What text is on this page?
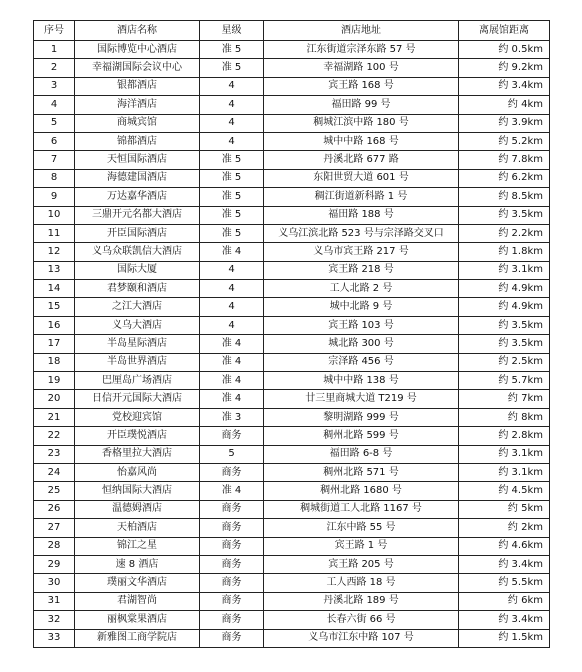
序号	酒店名称	星级	酒店地址	离展馆距离
1	国际博览中心酒店	准 5	江东街道宗泽东路 57 号	约 0.5km
2	幸福湖国际会议中心	准 5	幸福湖路 100 号	约 9.2km
3	银都酒店	4	宾王路 168 号	约 3.4km
4	海洋酒店	4	福田路 99 号	约 4km
5	商城宾馆	4	稠城江滨中路 180 号	约 3.9km
6	锦都酒店	4	城中中路 168 号	约 5.2km
7	天恒国际酒店	准 5	丹溪北路 677 路	约 7.8km
8	海德建国酒店	准 5	东阳世贸大道 601 号	约 6.2km
9	万达嘉华酒店	准 5	稠江街道新科路 1 号	约 8.5km
10	三鼎开元名都大酒店	准 5	福田路 188 号	约 3.5km
11	开臣国际酒店	准 5	义乌江滨北路 523 号与宗泽路交叉口	约 2.2km
12	义乌众联凯信大酒店	准 4	义乌市宾王路 217 号	约 1.8km
13	国际大厦	4	宾王路 218 号	约 3.1km
14	君梦颐和酒店	4	工人北路 2 号	约 4.9km
15	之江大酒店	4	城中北路 9 号	约 4.9km
16	义乌大酒店	4	宾王路 103 号	约 3.5km
17	半岛星际酒店	准 4	城北路 300 号	约 3.5km
18	半岛世界酒店	准 4	宗泽路 456 号	约 2.5km
19	巴厘岛广场酒店	准 4	城中中路 138 号	约 5.7km
20	日信开元国际大酒店	准 4	廿三里商城大道 T219 号	约 7km
21	党校迎宾馆	准 3	黎明湖路 999 号	约 8km
22	开臣璞悦酒店	商务	稠州北路 599 号	约 2.8km
23	香格里拉大酒店	5	福田路 6-8 号	约 3.1km
24	怡嘉风尚	商务	稠州北路 571 号	约 3.1km
25	恒纳国际大酒店	准 4	稠州北路 1680 号	约 4.5km
26	温德姆酒店	商务	稠城街道工人北路 1167 号	约 5km
27	天柏酒店	商务	江东中路 55 号	约 2km
28	锦江之星	商务	宾王路 1 号	约 4.6km
29	速 8 酒店	商务	宾王路 205 号	约 3.4km
30	璞丽文华酒店	商务	工人西路 18 号	约 5.5km
31	君湖智尚	商务	丹溪北路 189 号	约 6km
32	丽枫棠果酒店	商务	长春六街 66 号	约 3.4km
33	新雅图工商学院店	商务	义乌市江东中路 107 号	约 1.5km
